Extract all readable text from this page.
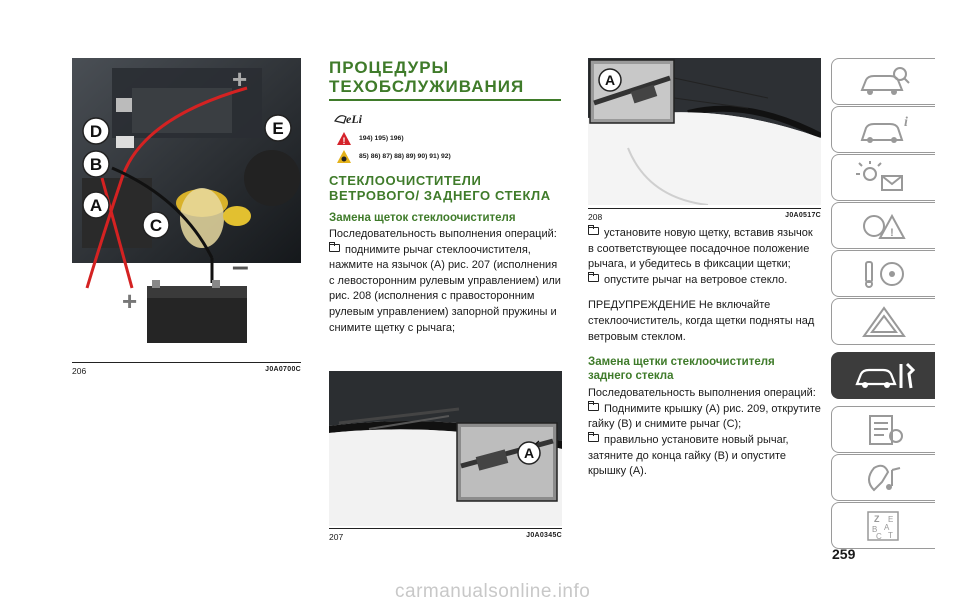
+
–
+
D	E
B
A
C
206	J0A0700C
ПРОЦЕДУРЫ
ТЕХОБСЛУЖИВАНИЯ
eLi
! 194) 195) 196)
85) 86) 87) 88) 89) 90) 91) 92)
СТЕКЛООЧИСТИТЕЛИ
ВЕТРОВОГО/ ЗАДНЕГО СТЕКЛА
Замена щеток стеклоочистителя
Последовательность выполнения операций:
поднимите рычаг стеклоочистителя, нажмите на язычок (A) рис. 207 (исполнения с левосторонним рулевым управлением) или рис. 208 (исполнения с правосторонним рулевым управлением) запорной пружины и снимите щетку с рычага;
A
207	J0A0345C
A
208	J0A0517C
установите новую щетку, вставив язычок в соответствующее посадочное положение рычага, и убедитесь в фиксации щетки;
опустите рычаг на ветровое стекло.
ПРЕДУПРЕЖДЕНИЕ Не включайте стеклоочиститель, когда щетки подняты над ветровым стеклом.
Замена щетки стеклоочистителя
заднего стекла
Последовательность выполнения операций:
Поднимите крышку (A) рис. 209, открутите гайку (B) и снимите рычаг (C);
правильно установите новый рычаг, затяните до конца гайку (B) и опустите крышку (A).
i
!
Z E
B A
C T
259
carmanualsonline.info
